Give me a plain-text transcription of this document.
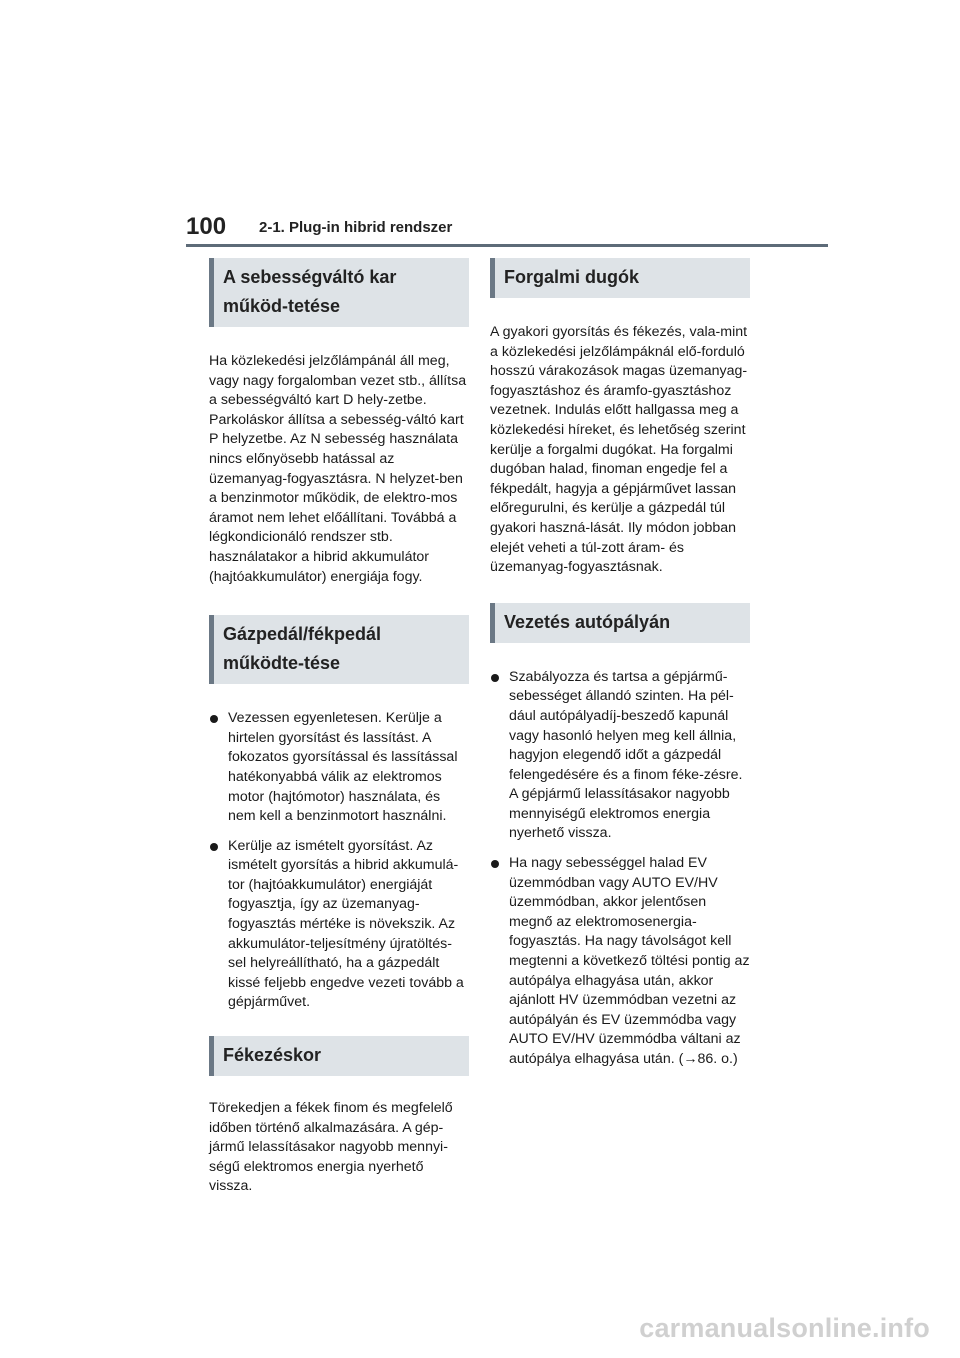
100 2-1. Plug-in hibrid rendszer
A sebességváltó kar működ-tetése

Ha közlekedési jelzőlámpánál áll meg, vagy nagy forgalomban vezet stb., állítsa a sebességváltó kart D hely-zetbe. Parkoláskor állítsa a sebesség-váltó kart P helyzetbe. Az N sebesség használata nincs előnyösebb hatással az üzemanyag-fogyasztásra. N helyzet-ben a benzinmotor működik, de elektro-mos áramot nem lehet előállítani. Továbbá a légkondicionáló rendszer stb. használatakor a hibrid akkumulátor (hajtóakkumulátor) energiája fogy.

Gázpedál/fékpedál működte-tése
Vezessen egyenletesen. Kerülje a hirtelen gyorsítást és lassítást. A fokozatos gyorsítással és lassítással hatékonyabbá válik az elektromos motor (hajtómotor) használata, és nem kell a benzinmotort használni.
Kerülje az ismételt gyorsítást. Az ismételt gyorsítás a hibrid akkumulá-tor (hajtóakkumulátor) energiáját fogyasztja, így az üzemanyag-fogyasztás mértéke is növekszik. Az akkumulátor-teljesítmény újratöltés-sel helyreállítható, ha a gázpedált kissé feljebb engedve vezeti tovább a gépjárművet.
Fékezéskor

Törekedjen a fékek finom és megfelelő időben történő alkalmazására. A gép-jármű lelassításakor nagyobb mennyi-ségű elektromos energia nyerhető vissza.

Forgalmi dugók

A gyakori gyorsítás és fékezés, vala-mint a közlekedési jelzőlámpáknál elő-forduló hosszú várakozások magas üzemanyag-fogyasztáshoz és áramfo-gyasztáshoz vezetnek. Indulás előtt hallgassa meg a közlekedési híreket, és lehetőség szerint kerülje a forgalmi dugókat. Ha forgalmi dugóban halad, finoman engedje fel a fékpedált, hagyja a gépjárművet lassan előregurulni, és kerülje a gázpedál túl gyakori haszná-lását. Ily módon jobban elejét veheti a túl-zott áram- és üzemanyag-fogyasztásnak.

Vezetés autópályán
Szabályozza és tartsa a gépjármű-sebességet állandó szinten. Ha pél-dául autópályadíj-beszedő kapunál vagy hasonló helyen meg kell állnia, hagyjon elegendő időt a gázpedál felengedésére és a finom féke-zésre. A gépjármű lelassításakor nagyobb mennyiségű elektromos energia nyerhető vissza.
Ha nagy sebességgel halad EV üzemmódban vagy AUTO EV/HV üzemmódban, akkor jelentősen megnő az elektromosenergia-fogyasztás. Ha nagy távolságot kell megtenni a következő töltési pontig az autópálya elhagyása után, akkor ajánlott HV üzemmódban vezetni az autópályán és EV üzemmódba vagy AUTO EV/HV üzemmódba váltani az autópálya elhagyása után. (→86. o.)
carmanualsonline.info
